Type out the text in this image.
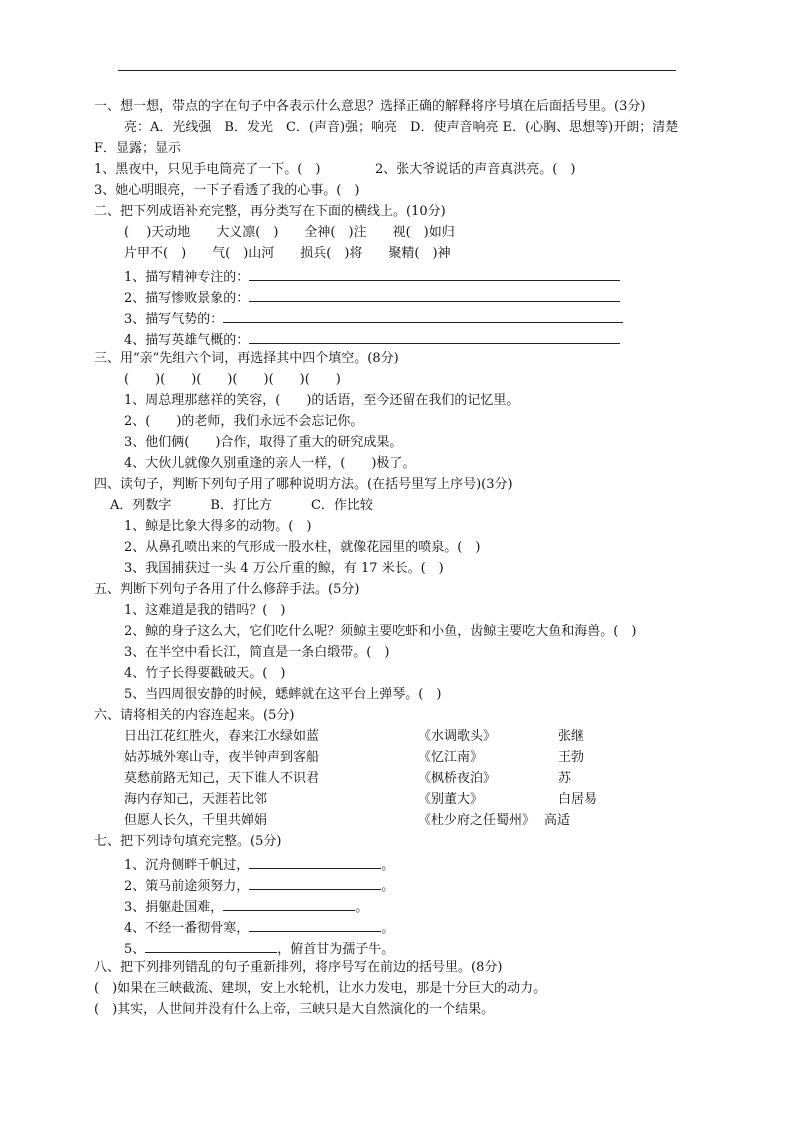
一、想一想，带点的字在句子中各表示什么意思？选择正确的解释将序号填在后面括号里。(3分)
亮：A．光线强　B．发光　C．(声音)强；响亮　D．使声音响亮 E．(心胸、思想等)开朗；清楚
F．显露；显示
1、黑夜中，只见手电筒亮了一下。(　)	2、张大爷说话的声音真洪亮。(　)
3、她心明眼亮，一下子看透了我的心事。(　)
二、把下列成语补充完整，再分类写在下面的横线上。(10分)
(　 )天动地　　大义凛(　)　　全神(　)注　　视(　)如归
片甲不(　)　　气(　)山河　　损兵(　)将　　聚精(　)神
1、描写精神专注的：
2、描写惨败景象的：
3、描写气势的：
4、描写英雄气概的：
三、用“亲”先组六个词，再选择其中四个填空。(8分)
(　　)(　　)(　　)(　　)(　　)(　　)
1、周总理那慈祥的笑容，(　　)的话语，至今还留在我们的记忆里。
2、(　　)的老师，我们永远不会忘记你。
3、他们俩(　　)合作，取得了重大的研究成果。
4、大伙儿就像久别重逢的亲人一样，(　　)极了。
四、读句子，判断下列句子用了哪种说明方法。(在括号里写上序号)(3分)
A．列数字　　　B．打比方　　　C．作比较
1、鲸是比象大得多的动物。(　)
2、从鼻孔喷出来的气形成一股水柱，就像花园里的喷泉。(　)
3、我国捕获过一头 4 万公斤重的鲸，有 17 米长。(　)
五、判断下列句子各用了什么修辞手法。(5分)
1、这难道是我的错吗？(　)
2、鲸的身子这么大，它们吃什么呢？须鲸主要吃虾和小鱼，齿鲸主要吃大鱼和海兽。(　)
3、在半空中看长江，简直是一条白缎带。(　)
4、竹子长得要戳破天。(　)
5、当四周很安静的时候，蟋蟀就在这平台上弹琴。(　)
六、请将相关的内容连起来。(5分)
日出江花红胜火，春来江水绿如蓝	《水调歌头》	张继
姑苏城外寒山寺，夜半钟声到客船	《忆江南》	王勃
莫愁前路无知己，天下谁人不识君	《枫桥夜泊》	苏
海内存知己，天涯若比邻	《别董大》	白居易
但愿人长久，千里共婵娟	《杜少府之任蜀州》 高适
七、把下列诗句填充完整。(5分)
1、沉舟侧畔千帆过，	。
2、策马前途须努力，	。
3、捐躯赴国难，	。
4、不经一番彻骨寒，	。
5、	，俯首甘为孺子牛。
八、把下列排列错乱的句子重新排列，将序号写在前边的括号里。(8分)
(　)如果在三峡截流、建坝，安上水轮机，让水力发电，那是十分巨大的动力。
(　)其实，人世间并没有什么上帝，三峡只是大自然演化的一个结果。
